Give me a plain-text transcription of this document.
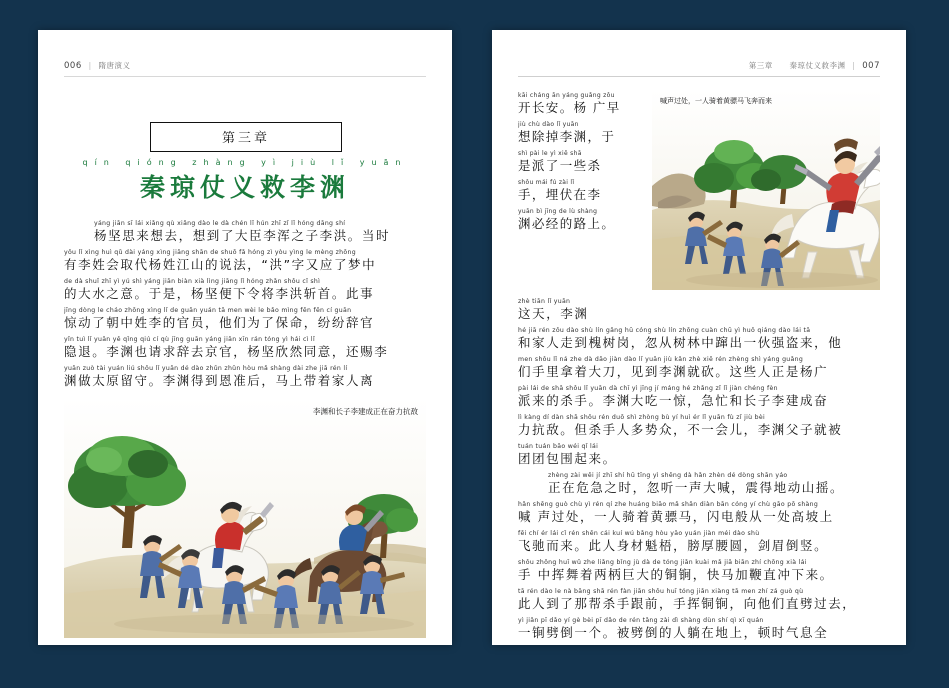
006 | 隋唐演义
第三章
qín qióng zhàng yì jiù lǐ yuān
秦琼仗义救李渊
yáng jiān sī lái xiǎng qù xiǎng dào le dà chén lǐ hún zhī zǐ lǐ hóng dāng shí
杨坚思来想去，想到了大臣李浑之子李洪。当时
yǒu lǐ xìng huì qǔ dài yáng xìng jiāng shān de shuō fǎ hóng zì yòu yìng le mèng zhōng
有李姓会取代杨姓江山的说法，“洪”字又应了梦中
de dà shuǐ zhī yì yú shì yáng jiān biàn xià lìng jiāng lǐ hóng zhǎn shǒu cǐ shì
的大水之意。于是，杨坚便下令将李洪斩首。此事
jīng dòng le cháo zhōng xìng lǐ de guān yuán tā men wèi le bǎo mìng fēn fēn cí guān
惊动了朝中姓李的官员，他们为了保命，纷纷辞官
yǐn tuì lǐ yuān yě qǐng qiú cí qù jīng guān yáng jiān xīn rán tóng yì hái cì lǐ
隐退。李渊也请求辞去京官，杨坚欣然同意，还赐李
yuān zuò tài yuán liú shǒu lǐ yuān dé dào zhǔn zhǔn hòu mǎ shàng dài zhe jiā rén lí
渊做太原留守。李渊得到恩准后，马上带着家人离
李渊和长子李建成正在奋力抗敌
第三章 秦琼仗义救李渊 | 007
喊声过处，一人骑着黄骠马飞奔而来
kāi cháng ān yáng guǎng zǒu
开长安。杨 广早
jiù chù dào lǐ yuān
想除掉李渊，于
shì pài le yì xiē shā
是派了一些杀
shǒu mái fú zài lǐ
手，埋伏在李
yuān bì jīng de lù shàng
渊必经的路上。
zhè tiān lǐ yuān
这天，李渊
hé jiā rén zǒu dào shù lín gǎng hū cóng shù lín zhōng cuàn chū yì huǒ qiáng dào lái tā
和家人走到槐树岗，忽从树林中蹿出一伙强盗来，他
men shǒu lǐ ná zhe dà dāo jiàn dào lǐ yuān jiù kǎn zhè xiē rén zhèng shì yáng guǎng
们手里拿着大刀，见到李渊就砍。这些人正是杨广
pài lái de shā shǒu lǐ yuān dà chī yì jīng jí máng hé zhǎng zǐ lǐ jiàn chéng fèn
派来的杀手。李渊大吃一惊，急忙和长子李建成奋
lì kàng dí dàn shā shǒu rén duō shì zhòng bù yí huì ér lǐ yuān fù zǐ jiù bèi
力抗敌。但杀手人多势众，不一会儿，李渊父子就被
tuán tuán bāo wéi qǐ lái
团团包围起来。
zhèng zài wēi jí zhī shí hū tīng yì shēng dà hǎn zhèn dé dòng shān yáo
正在危急之时，忽听一声大喊，震得地动山摇。
hǎn shēng guò chù yì rén qí zhe huáng biāo mǎ shǎn diàn bān cóng yí chù gāo pō shàng
喊 声过处，一人骑着黄骠马，闪电般从一处高坡上
fēi chí ér lái cǐ rén shēn cái kuí wú bǎng hòu yāo yuán jiàn méi dào shù
飞驰而来。此人身材魁梧，膀厚腰圆，剑眉倒竖。
shǒu zhōng huī wǔ zhe liǎng bǐng jù dà de tóng jiǎn kuài mǎ jiā biān zhí chōng xià lái
手 中挥舞着两柄巨大的铜锏，快马加鞭直冲下来。
tā rén dào le nà bāng shā rén fàn jiān shǒu huī tóng jiǎn xiàng tā men zhí zá guò qù
此人到了那帮杀手跟前，手挥铜锏，向他们直劈过去，
yì jiǎn pī dǎo yí gè bèi pī dǎo de rén tǎng zài dì shàng dùn shí qì xī quán
一锏劈倒一个。被劈倒的人躺在地上，顿时气息全
